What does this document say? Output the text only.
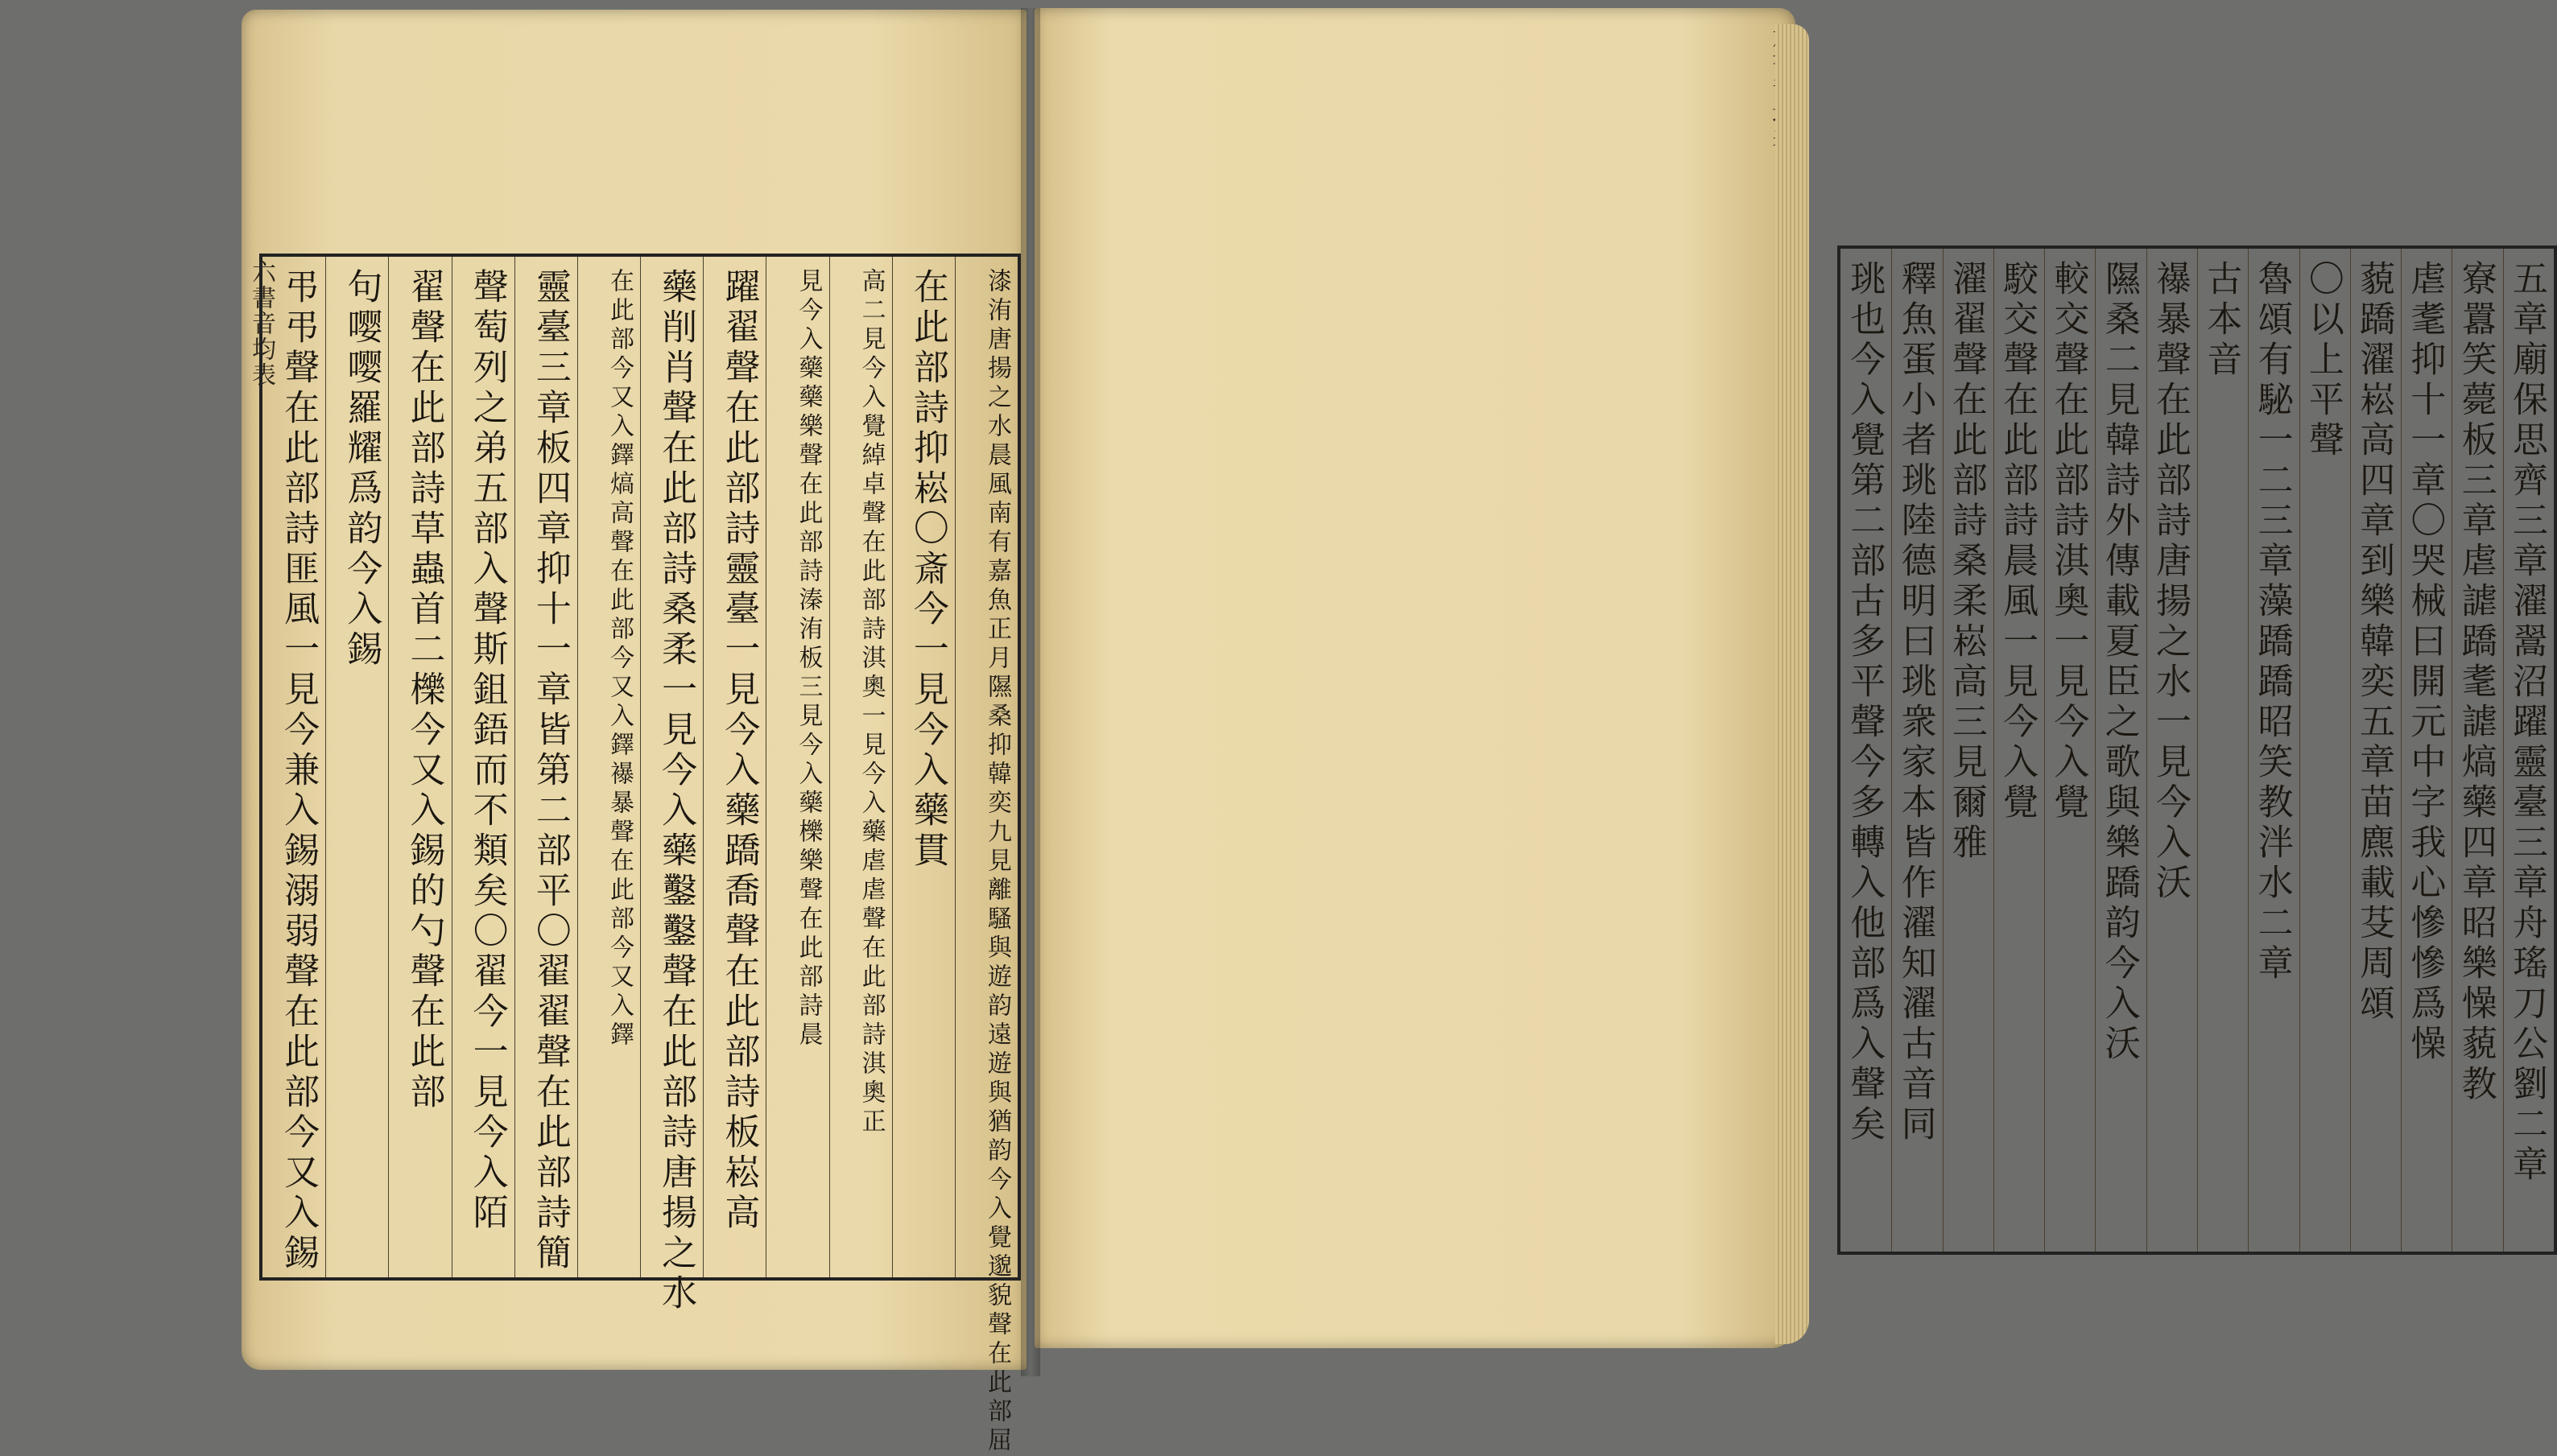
六書音均表	漆洧唐揚之水晨風南有嘉魚正月隰桑抑韓奕九見離騷與遊韵遠遊與猶韵今入覺邈貌聲在此部屈
在此部詩抑崧〇斎今一見今入藥貫
高二見今入覺綽卓聲在此部詩淇奧一見今入藥虐虐聲在此部詩淇奧正
見今入藥藥樂聲在此部詩溱洧板三見今入藥櫟樂聲在此部詩晨
躍翟聲在此部詩靈臺一見今入藥蹻喬聲在此部詩板崧高
藥削肖聲在此部詩桑柔一見今入藥鑿鑿聲在此部詩唐揚之水
在此部今又入鐸熇高聲在此部今又入鐸襮暴聲在此部今又入鐸
靈臺三章板四章抑十一章皆第二部平〇翟翟聲在此部詩簡
聲萄列之弟五部入聲斯鉏鋙而不類矣〇翟今一見今入陌
翟聲在此部詩草蟲首二櫟今又入錫的勺聲在此部
句嘤嘤羅耀爲韵今入錫
弔弔聲在此部詩匪風一見今兼入錫溺弱聲在此部今又入錫	五章廟保思齊三章濯翯沼躍靈臺三章舟瑤刀公劉二章
寮囂笑薨板三章虐謔蹻耄謔熇藥四章昭樂懆藐教
虐耄抑十一章〇哭械曰開元中字我心慘慘爲懆
藐蹻濯崧高四章到樂韓奕五章苗麃載芟周頌
〇以上平聲
魯頌有駜一二三章藻蹻蹻昭笑教泮水二章
古本音
襮暴聲在此部詩唐揚之水一見今入沃
隰桑二見韓詩外傳載夏臣之歌與樂蹻韵今入沃
較交聲在此部詩淇奧一見今入覺
駮交聲在此部詩晨風一見今入覺
濯翟聲在此部詩桑柔崧高三見爾雅
釋魚蛋小者珧陸德明曰珧衆家本皆作濯知濯古音同
珧也今入覺第二部古多平聲今多轉入他部爲入聲矣
